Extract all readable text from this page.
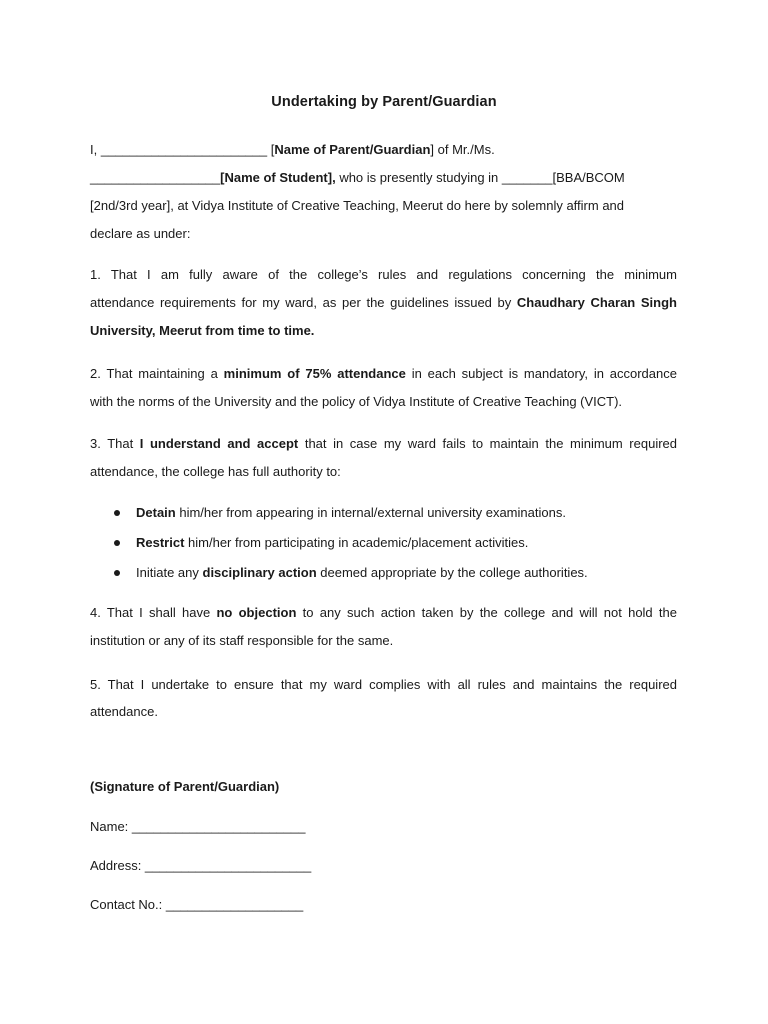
Undertaking by Parent/Guardian
I, _______________________ [Name of Parent/Guardian] of Mr./Ms.
__________________[Name of Student], who is presently studying in _______[BBA/BCOM
[2nd/3rd year], at Vidya Institute of Creative Teaching, Meerut do here by solemnly affirm and
declare as under:
1. That I am fully aware of the college’s rules and regulations concerning the minimum
attendance requirements for my ward, as per the guidelines issued by Chaudhary Charan Singh
University, Meerut from time to time.
2. That maintaining a minimum of 75% attendance in each subject is mandatory, in accordance
with the norms of the University and the policy of Vidya Institute of Creative Teaching (VICT).
3. That I understand and accept that in case my ward fails to maintain the minimum required
attendance, the college has full authority to:
Detain him/her from appearing in internal/external university examinations.
Restrict him/her from participating in academic/placement activities.
Initiate any disciplinary action deemed appropriate by the college authorities.
4. That I shall have no objection to any such action taken by the college and will not hold the
institution or any of its staff responsible for the same.
5. That I undertake to ensure that my ward complies with all rules and maintains the required
attendance.
(Signature of Parent/Guardian)
Name: ________________________
Address: _______________________
Contact No.: ___________________
